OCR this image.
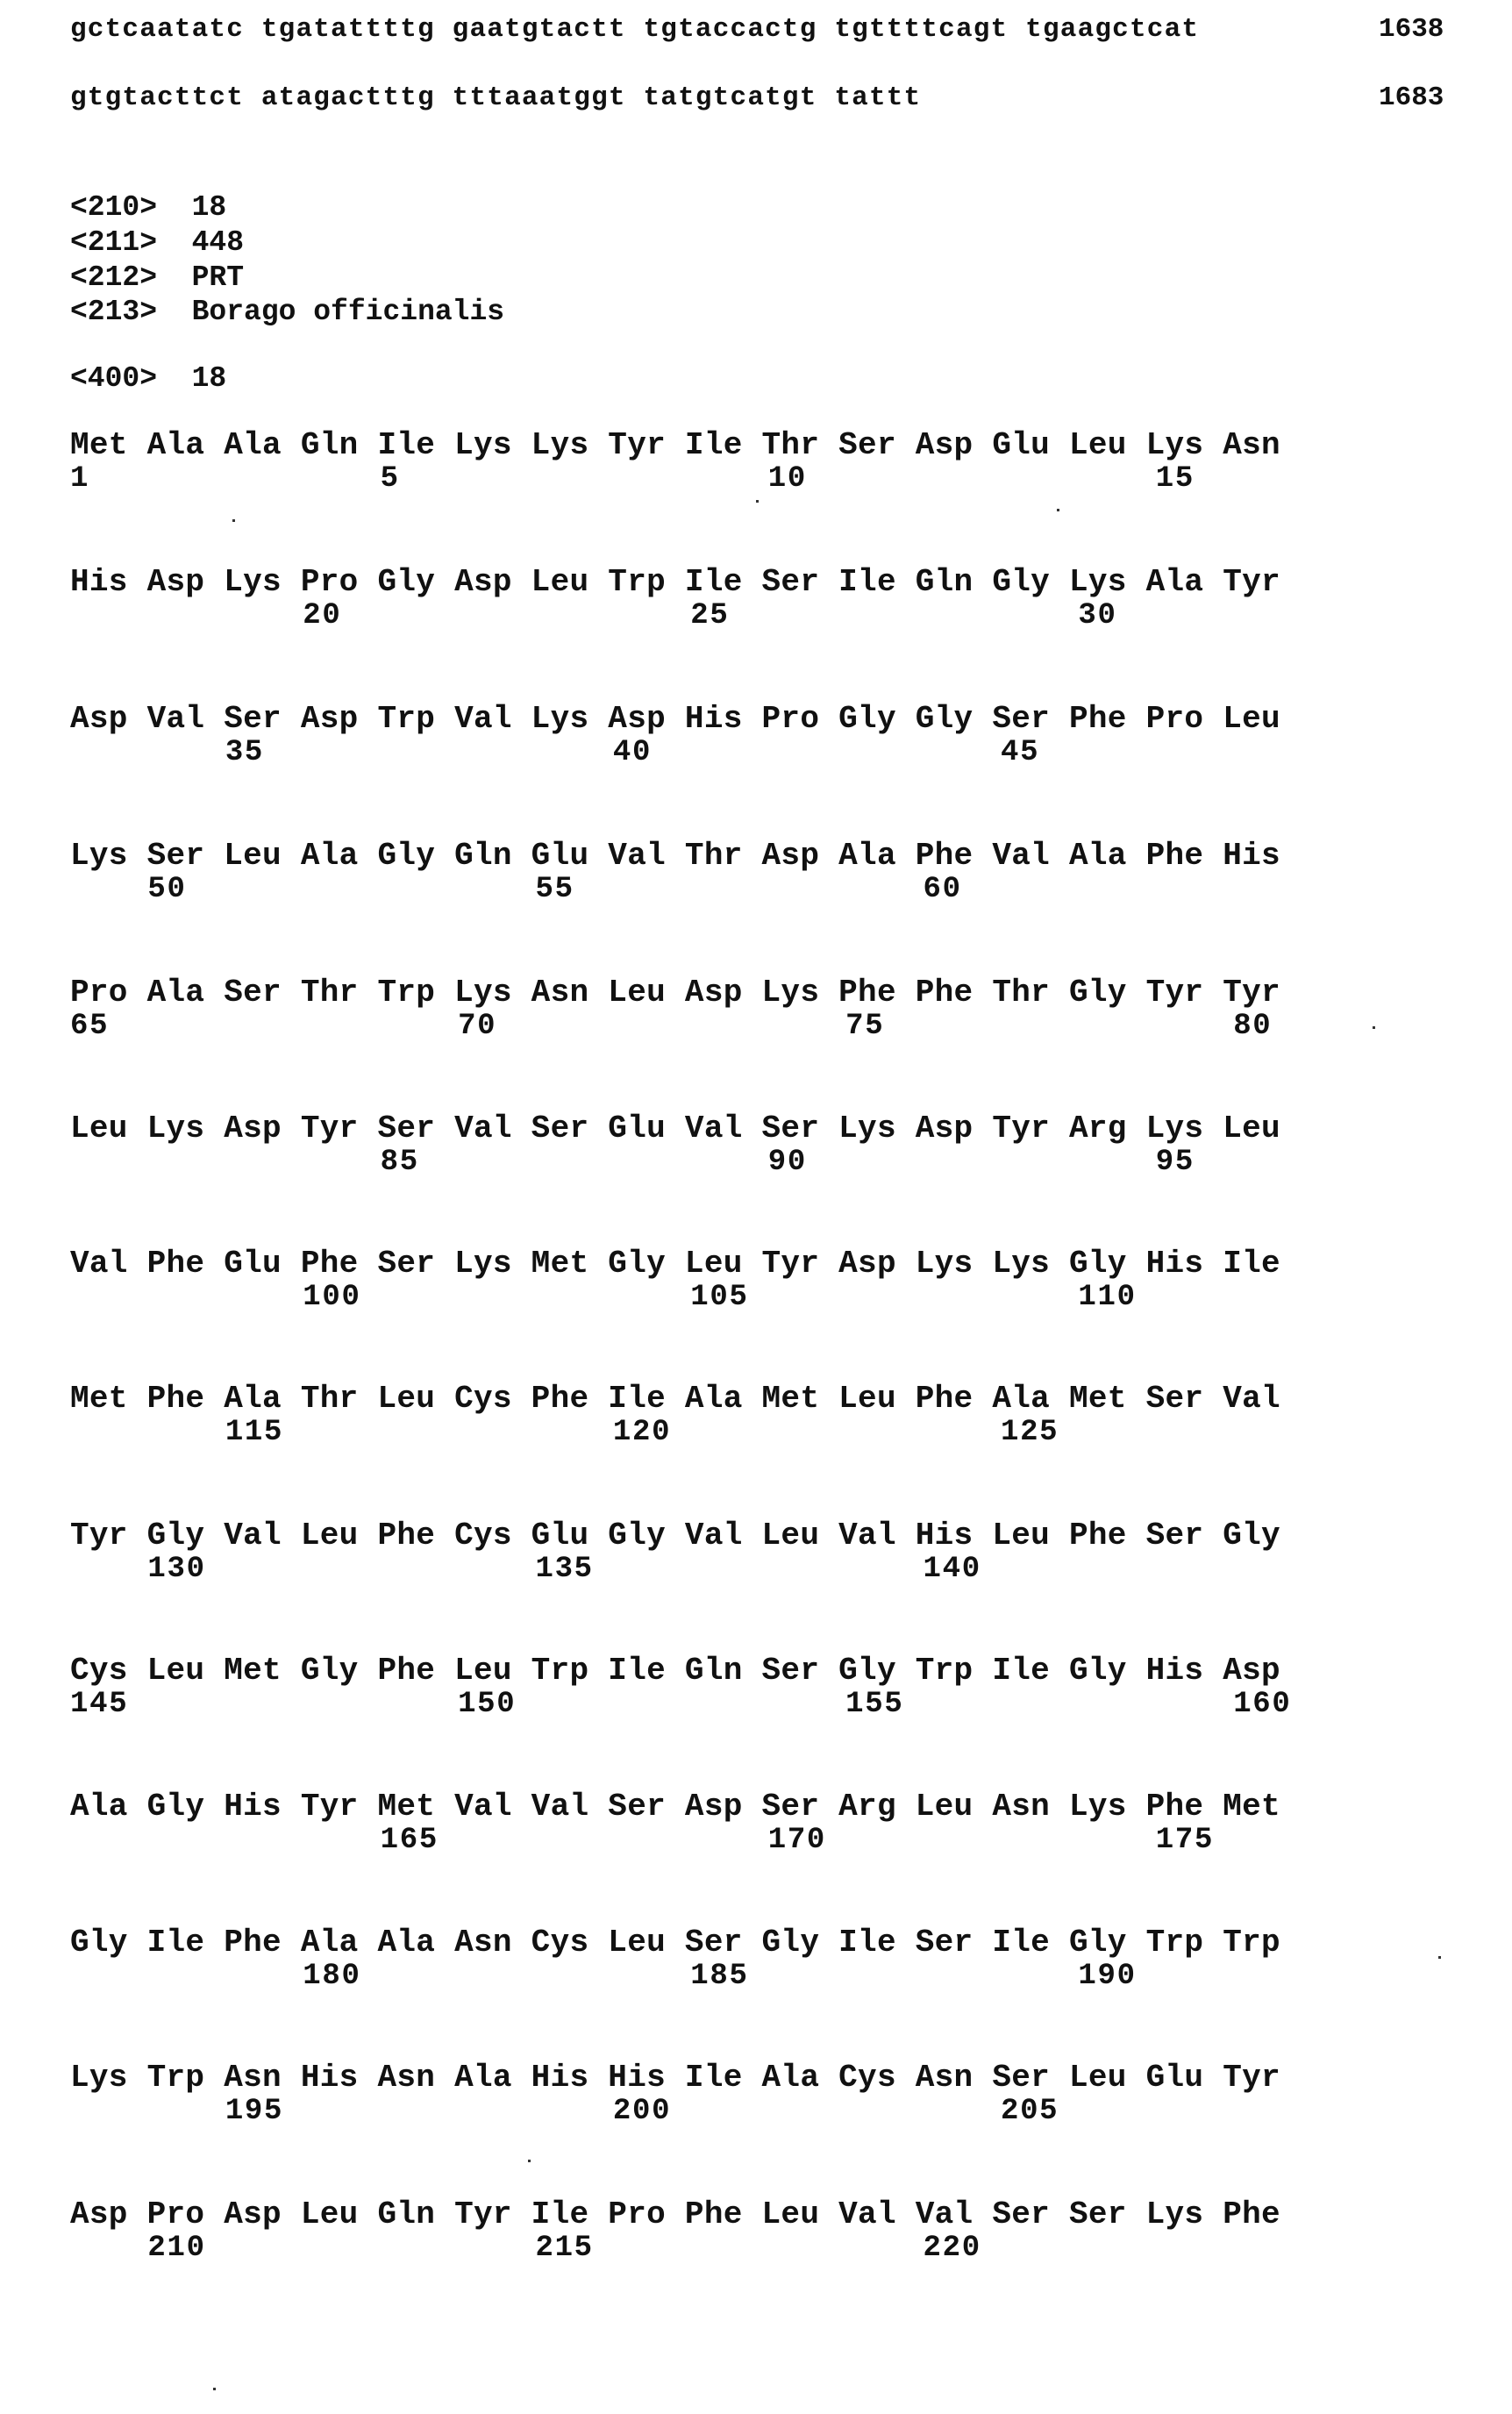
gctcaatatc tgatattttg gaatgtactt tgtaccactg tgttttcagt tgaagctcat	1638
gtgtacttct atagactttg tttaaatggt tatgtcatgt tattt	1683
<210>  18
<211>  448
<212>  PRT
<213>  Borago officinalis
<400>  18
Met Ala Ala Gln Ile Lys Lys Tyr Ile Thr Ser Asp Glu Leu Lys Asn
1               5                   10                  15
His Asp Lys Pro Gly Asp Leu Trp Ile Ser Ile Gln Gly Lys Ala Tyr
20                  25                  30
Asp Val Ser Asp Trp Val Lys Asp His Pro Gly Gly Ser Phe Pro Leu
35                  40                  45
Lys Ser Leu Ala Gly Gln Glu Val Thr Asp Ala Phe Val Ala Phe His
50                  55                  60
Pro Ala Ser Thr Trp Lys Asn Leu Asp Lys Phe Phe Thr Gly Tyr Tyr
65                  70                  75                  80
Leu Lys Asp Tyr Ser Val Ser Glu Val Ser Lys Asp Tyr Arg Lys Leu
85                  90                  95
Val Phe Glu Phe Ser Lys Met Gly Leu Tyr Asp Lys Lys Gly His Ile
100                 105                 110
Met Phe Ala Thr Leu Cys Phe Ile Ala Met Leu Phe Ala Met Ser Val
115                 120                 125
Tyr Gly Val Leu Phe Cys Glu Gly Val Leu Val His Leu Phe Ser Gly
130                 135                 140
Cys Leu Met Gly Phe Leu Trp Ile Gln Ser Gly Trp Ile Gly His Asp
145                 150                 155                 160
Ala Gly His Tyr Met Val Val Ser Asp Ser Arg Leu Asn Lys Phe Met
165                 170                 175
Gly Ile Phe Ala Ala Asn Cys Leu Ser Gly Ile Ser Ile Gly Trp Trp
180                 185                 190
Lys Trp Asn His Asn Ala His His Ile Ala Cys Asn Ser Leu Glu Tyr
195                 200                 205
Asp Pro Asp Leu Gln Tyr Ile Pro Phe Leu Val Val Ser Ser Lys Phe
210                 215                 220
